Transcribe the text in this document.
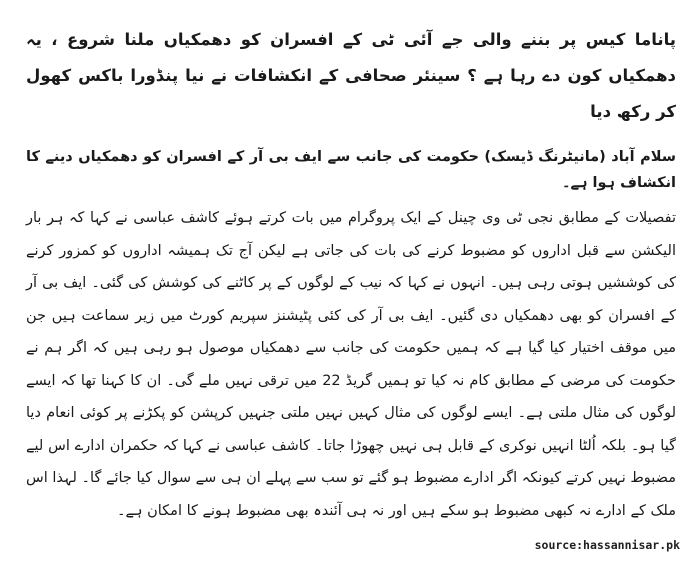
پاناما کیس پر بننے والی جے آئی ٹی کے افسران کو دھمکیاں ملنا شروع ، یہ دھمکیاں کون دے رہا ہے ؟ سینئر صحافی کے انکشافات نے نیا پنڈورا باکس کھول کر رکھ دیا

سلام آباد (مانیٹرنگ ڈیسک) حکومت کی جانب سے ایف بی آر کے افسران کو دھمکیاں دینے کا انکشاف ہوا ہے۔

تفصیلات کے مطابق نجی ٹی وی چینل کے ایک پروگرام میں بات کرتے ہوئے کاشف عباسی نے کہا کہ ہر بار الیکشن سے قبل اداروں کو مضبوط کرنے کی بات کی جاتی ہے لیکن آج تک ہمیشہ اداروں کو کمزور کرنے کی کوششیں ہوتی رہی ہیں۔ انہوں نے کہا کہ نیب کے لوگوں کے پر کاٹنے کی کوشش کی گئی۔ ایف بی آر کے افسران کو بھی دھمکیاں دی گئیں۔ ایف بی آر کی کئی پٹیشنز سپریم کورٹ میں زیر سماعت ہیں جن میں موقف اختیار کیا گیا ہے کہ ہمیں حکومت کی جانب سے دھمکیاں موصول ہو رہی ہیں کہ اگر ہم نے حکومت کی مرضی کے مطابق کام نہ کیا تو ہمیں گریڈ 22 میں ترقی نہیں ملے گی۔ ان کا کہنا تھا کہ ایسے لوگوں کی مثال ملتی ہے۔ ایسے لوگوں کی مثال کہیں نہیں ملتی جنہیں کرپشن کو پکڑنے پر کوئی انعام دیا گیا ہو۔ بلکہ اُلٹا انہیں نوکری کے قابل ہی نہیں چھوڑا جاتا۔ کاشف عباسی نے کہا کہ حکمران ادارے اس لیے مضبوط نہیں کرتے کیونکہ اگر ادارے مضبوط ہو گئے تو سب سے پہلے ان ہی سے سوال کیا جائے گا۔ لہذا اس ملک کے ادارے نہ کبھی مضبوط ہو سکے ہیں اور نہ ہی آئندہ بھی مضبوط ہونے کا امکان ہے۔

source:hassannisar.pk
